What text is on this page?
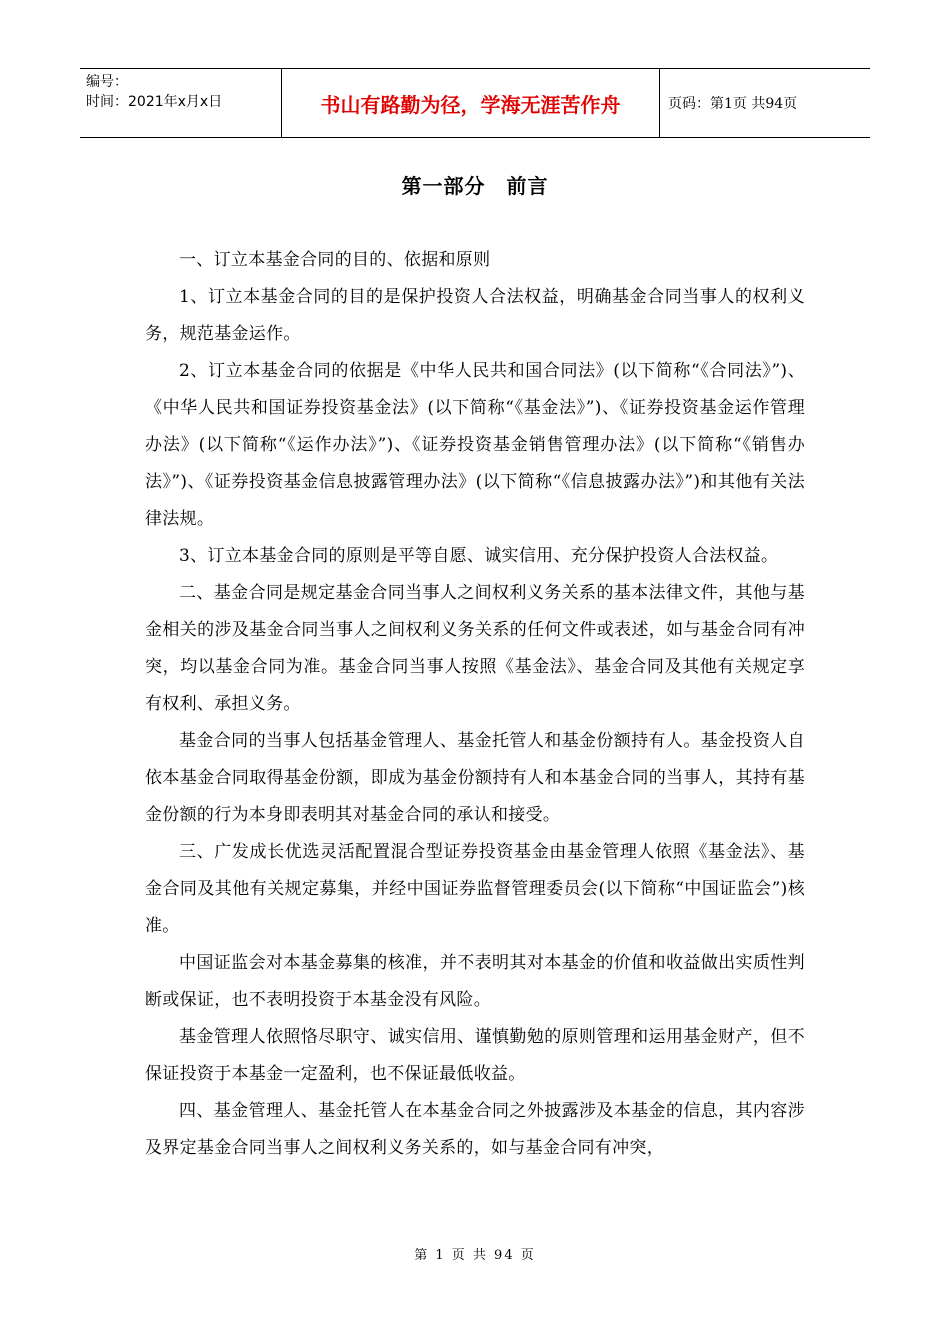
编号：
时间：2021年x月x日	书山有路勤为径，学海无涯苦作舟	页码：第1页 共94页
第一部分　前言

一、订立本基金合同的目的、依据和原则

1、订立本基金合同的目的是保护投资人合法权益，明确基金合同当事人的权利义务，规范基金运作。

2、订立本基金合同的依据是《中华人民共和国合同法》(以下简称“《合同法》”)、《中华人民共和国证券投资基金法》(以下简称“《基金法》”)、《证券投资基金运作管理办法》(以下简称“《运作办法》”)、《证券投资基金销售管理办法》(以下简称“《销售办法》”)、《证券投资基金信息披露管理办法》(以下简称“《信息披露办法》”)和其他有关法律法规。

3、订立本基金合同的原则是平等自愿、诚实信用、充分保护投资人合法权益。

二、基金合同是规定基金合同当事人之间权利义务关系的基本法律文件，其他与基金相关的涉及基金合同当事人之间权利义务关系的任何文件或表述，如与基金合同有冲突，均以基金合同为准。基金合同当事人按照《基金法》、基金合同及其他有关规定享有权利、承担义务。

基金合同的当事人包括基金管理人、基金托管人和基金份额持有人。基金投资人自依本基金合同取得基金份额，即成为基金份额持有人和本基金合同的当事人，其持有基金份额的行为本身即表明其对基金合同的承认和接受。

三、广发成长优选灵活配置混合型证券投资基金由基金管理人依照《基金法》、基金合同及其他有关规定募集，并经中国证券监督管理委员会(以下简称“中国证监会”)核准。

中国证监会对本基金募集的核准，并不表明其对本基金的价值和收益做出实质性判断或保证，也不表明投资于本基金没有风险。

基金管理人依照恪尽职守、诚实信用、谨慎勤勉的原则管理和运用基金财产，但不保证投资于本基金一定盈利，也不保证最低收益。

四、基金管理人、基金托管人在本基金合同之外披露涉及本基金的信息，其内容涉及界定基金合同当事人之间权利义务关系的，如与基金合同有冲突，

第 1 页 共 94 页
